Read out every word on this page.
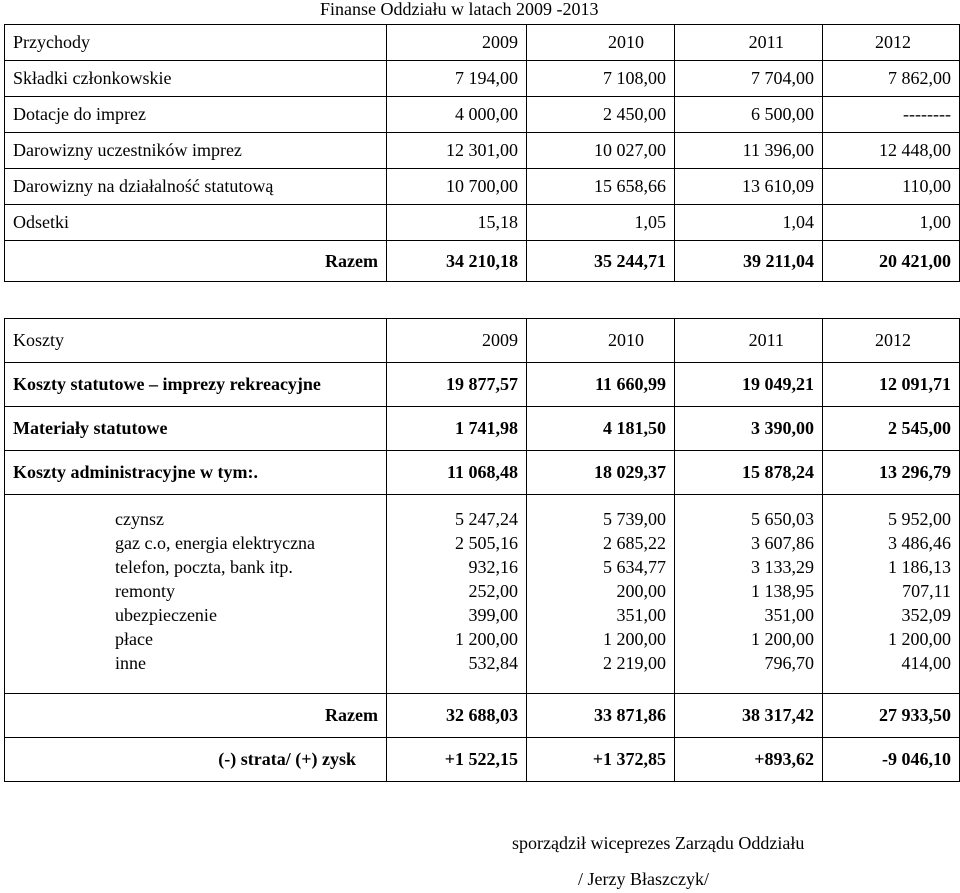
Finanse Oddziału w latach 2009 -2013
Przychody	2009	2010	2011	2012
Składki członkowskie	7 194,00	7 108,00	7 704,00	7 862,00
Dotacje do imprez	4 000,00	2 450,00	6 500,00	--------
Darowizny uczestników imprez	12 301,00	10 027,00	11 396,00	12 448,00
Darowizny na działalność statutową	10 700,00	15 658,66	13 610,09	110,00
Odsetki	15,18	1,05	1,04	1,00
Razem	34 210,18	35 244,71	39 211,04	20 421,00
Koszty	2009	2010	2011	2012
Koszty statutowe – imprezy rekreacyjne	19 877,57	11 660,99	19 049,21	12 091,71
Materiały statutowe	1 741,98	4 181,50	3 390,00	2 545,00
Koszty administracyjne w tym:.	11 068,48	18 029,37	15 878,24	13 296,79
czynsz	5 247,24	5 739,00	5 650,03	5 952,00
gaz c.o, energia elektryczna	2 505,16	2 685,22	3 607,86	3 486,46
telefon, poczta, bank itp.	932,16	5 634,77	3 133,29	1 186,13
remonty	252,00	200,00	1 138,95	707,11
ubezpieczenie	399,00	351,00	351,00	352,09
płace	1 200,00	1 200,00	1 200,00	1 200,00
inne	532,84	2 219,00	796,70	414,00

Razem	32 688,03	33 871,86	38 317,42	27 933,50
(-) strata/ (+) zysk	+1 522,15	+1 372,85	+893,62	-9 046,10
sporządził wiceprezes Zarządu Oddziału
/ Jerzy Błaszczyk/
